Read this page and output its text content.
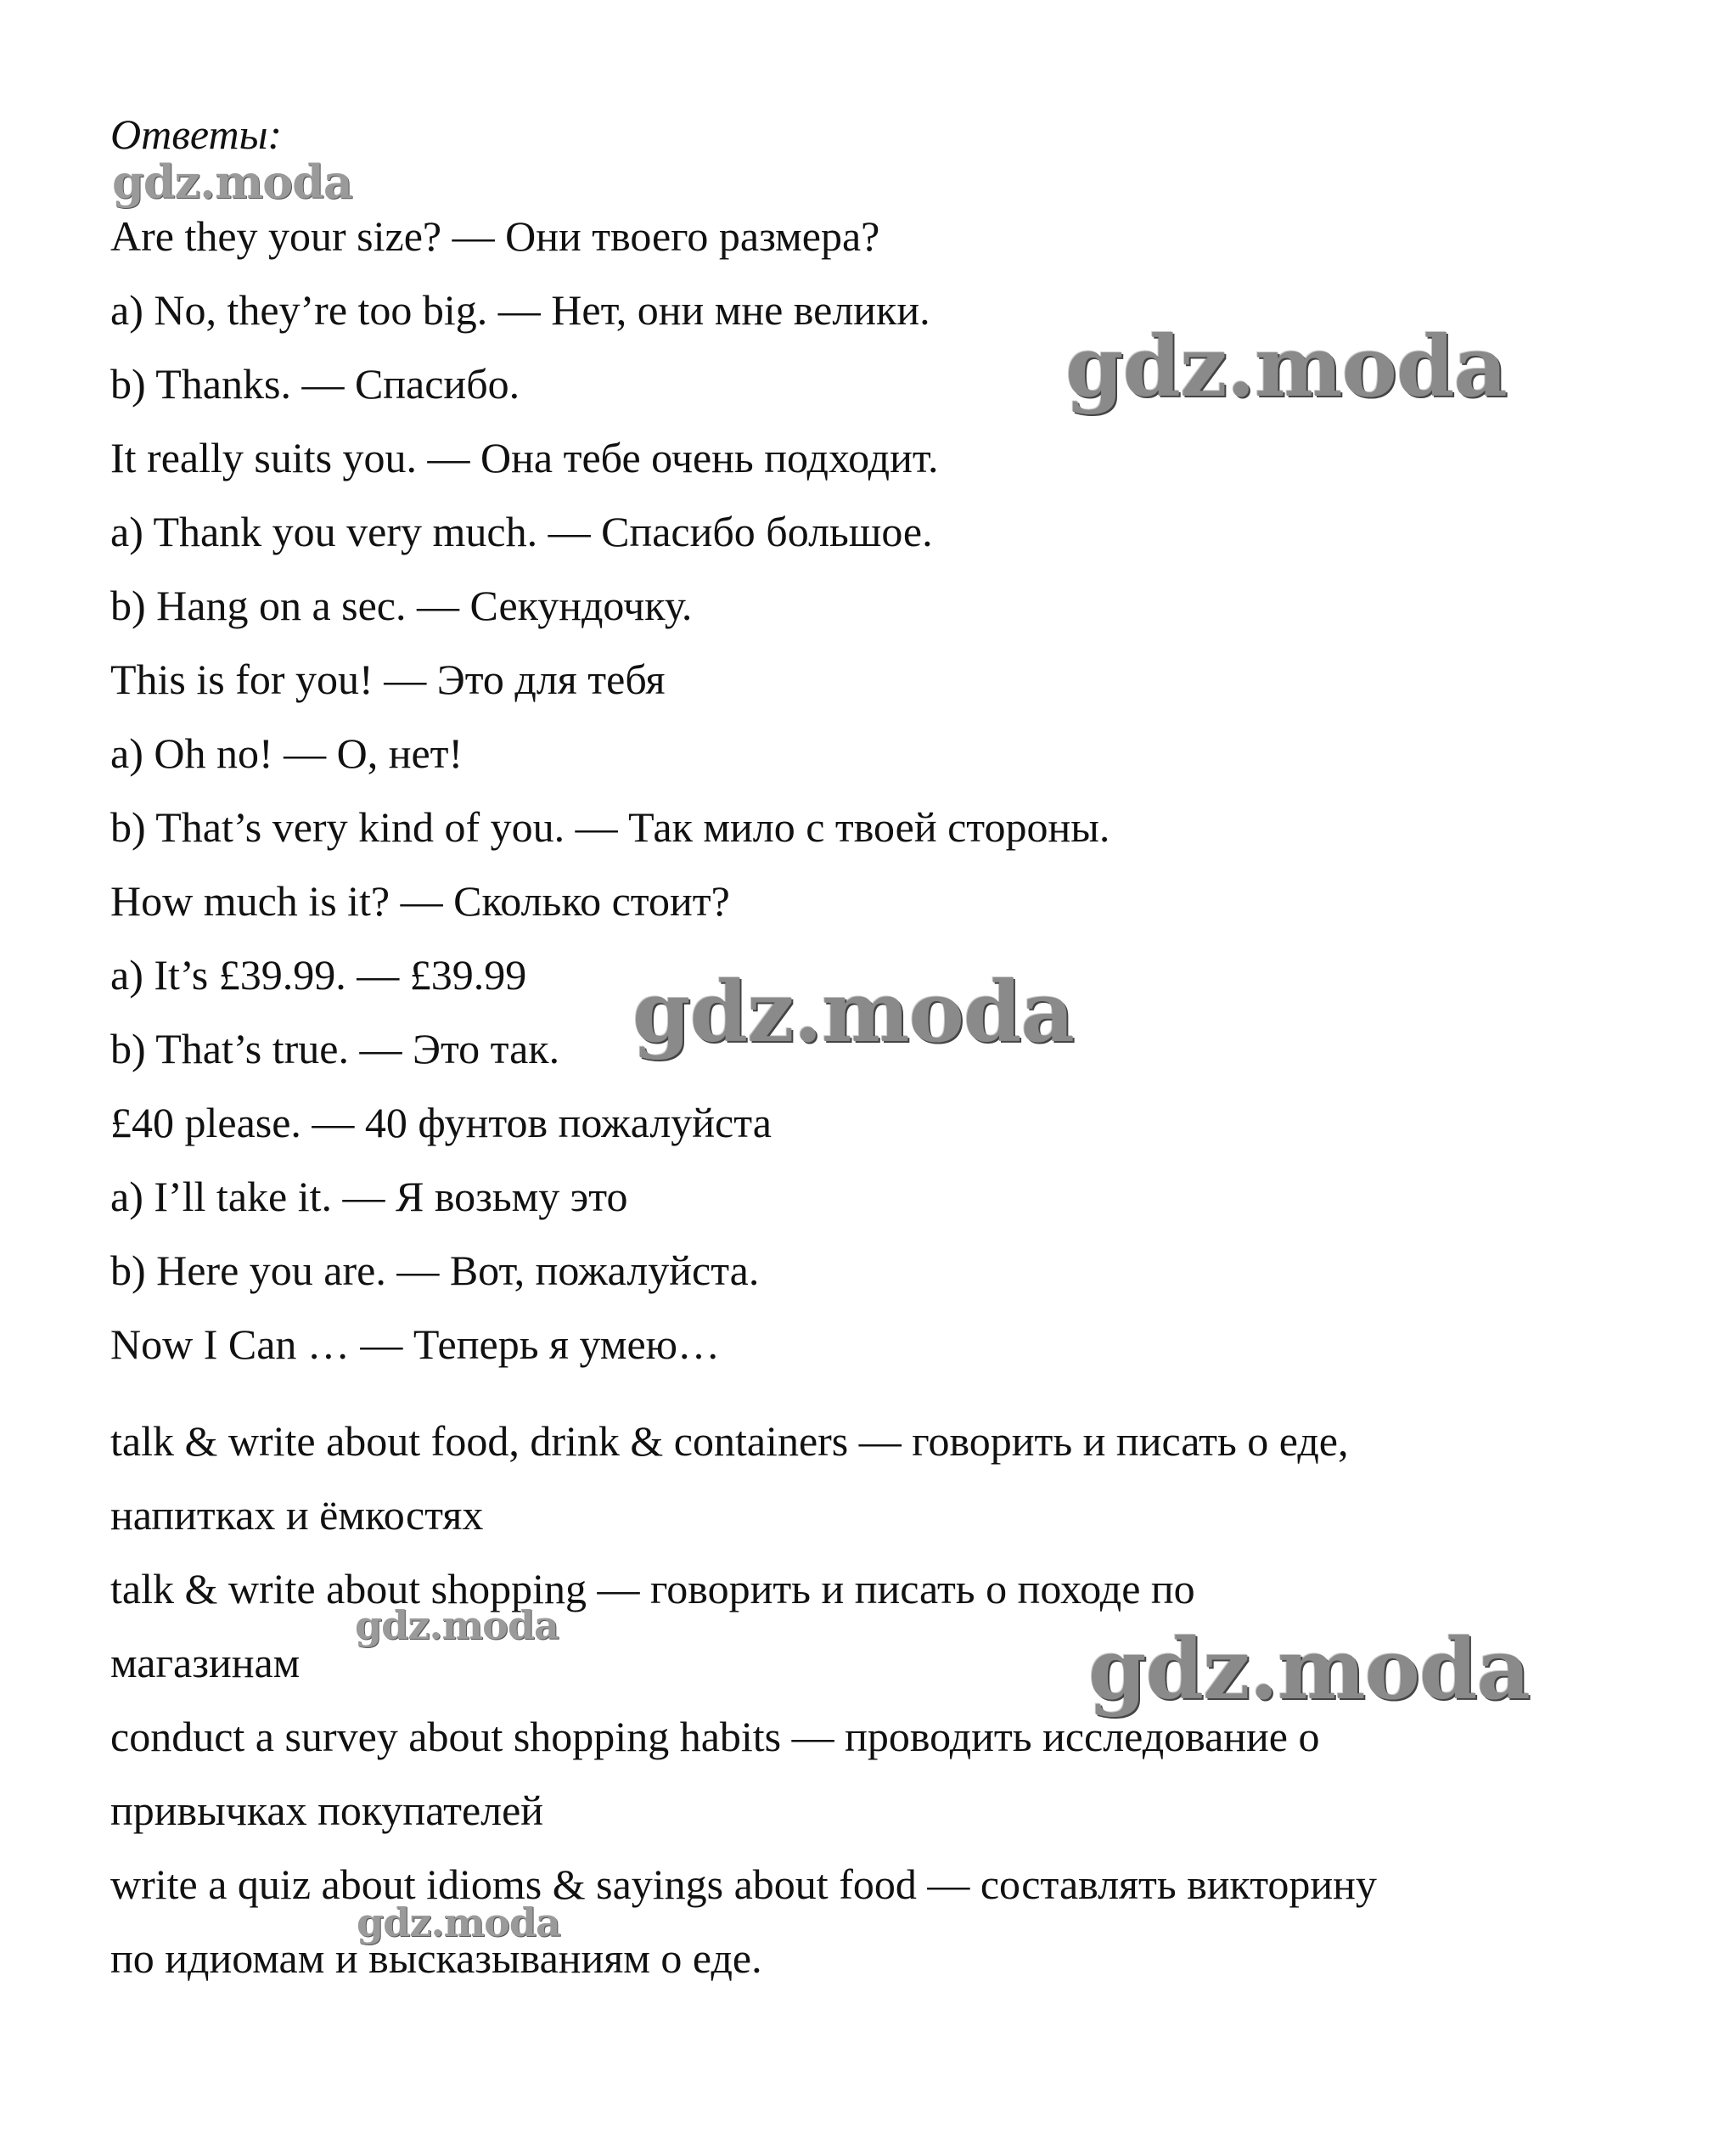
Ответы:
gdz.moda
gdz.moda
gdz.moda
Are they your size? — Они твоего размера?
a) No, they’re too big. — Нет, они мне велики.
b) Thanks. — Спасибо.
It really suits you. — Она тебе очень подходит.
a) Thank you very much. — Спасибо большое.
b) Hang on a sec. — Секундочку.
This is for you! — Это для тебя
a) Oh no! — О, нет!
b) That’s very kind of you. — Так мило с твоей стороны.
How much is it? — Сколько стоит?
a) It’s £39.99. — £39.99
b) That’s true. — Это так.
£40 please. — 40 фунтов пожалуйста
a) I’ll take it. — Я возьму это
b) Here you are. — Вот, пожалуйста.
Now I Can … — Теперь я умею…
talk & write about food, drink & containers — говорить и писать о еде,
напитках и ёмкостях
talk & write about shopping — говорить и писать о походе по
магазинам
conduct a survey about shopping habits — проводить исследование о
привычках покупателей
write a quiz about idioms & sayings about food — составлять викторину
по идиомам и высказываниям о еде.
gdz.moda	gdz.moda
gdz.moda
